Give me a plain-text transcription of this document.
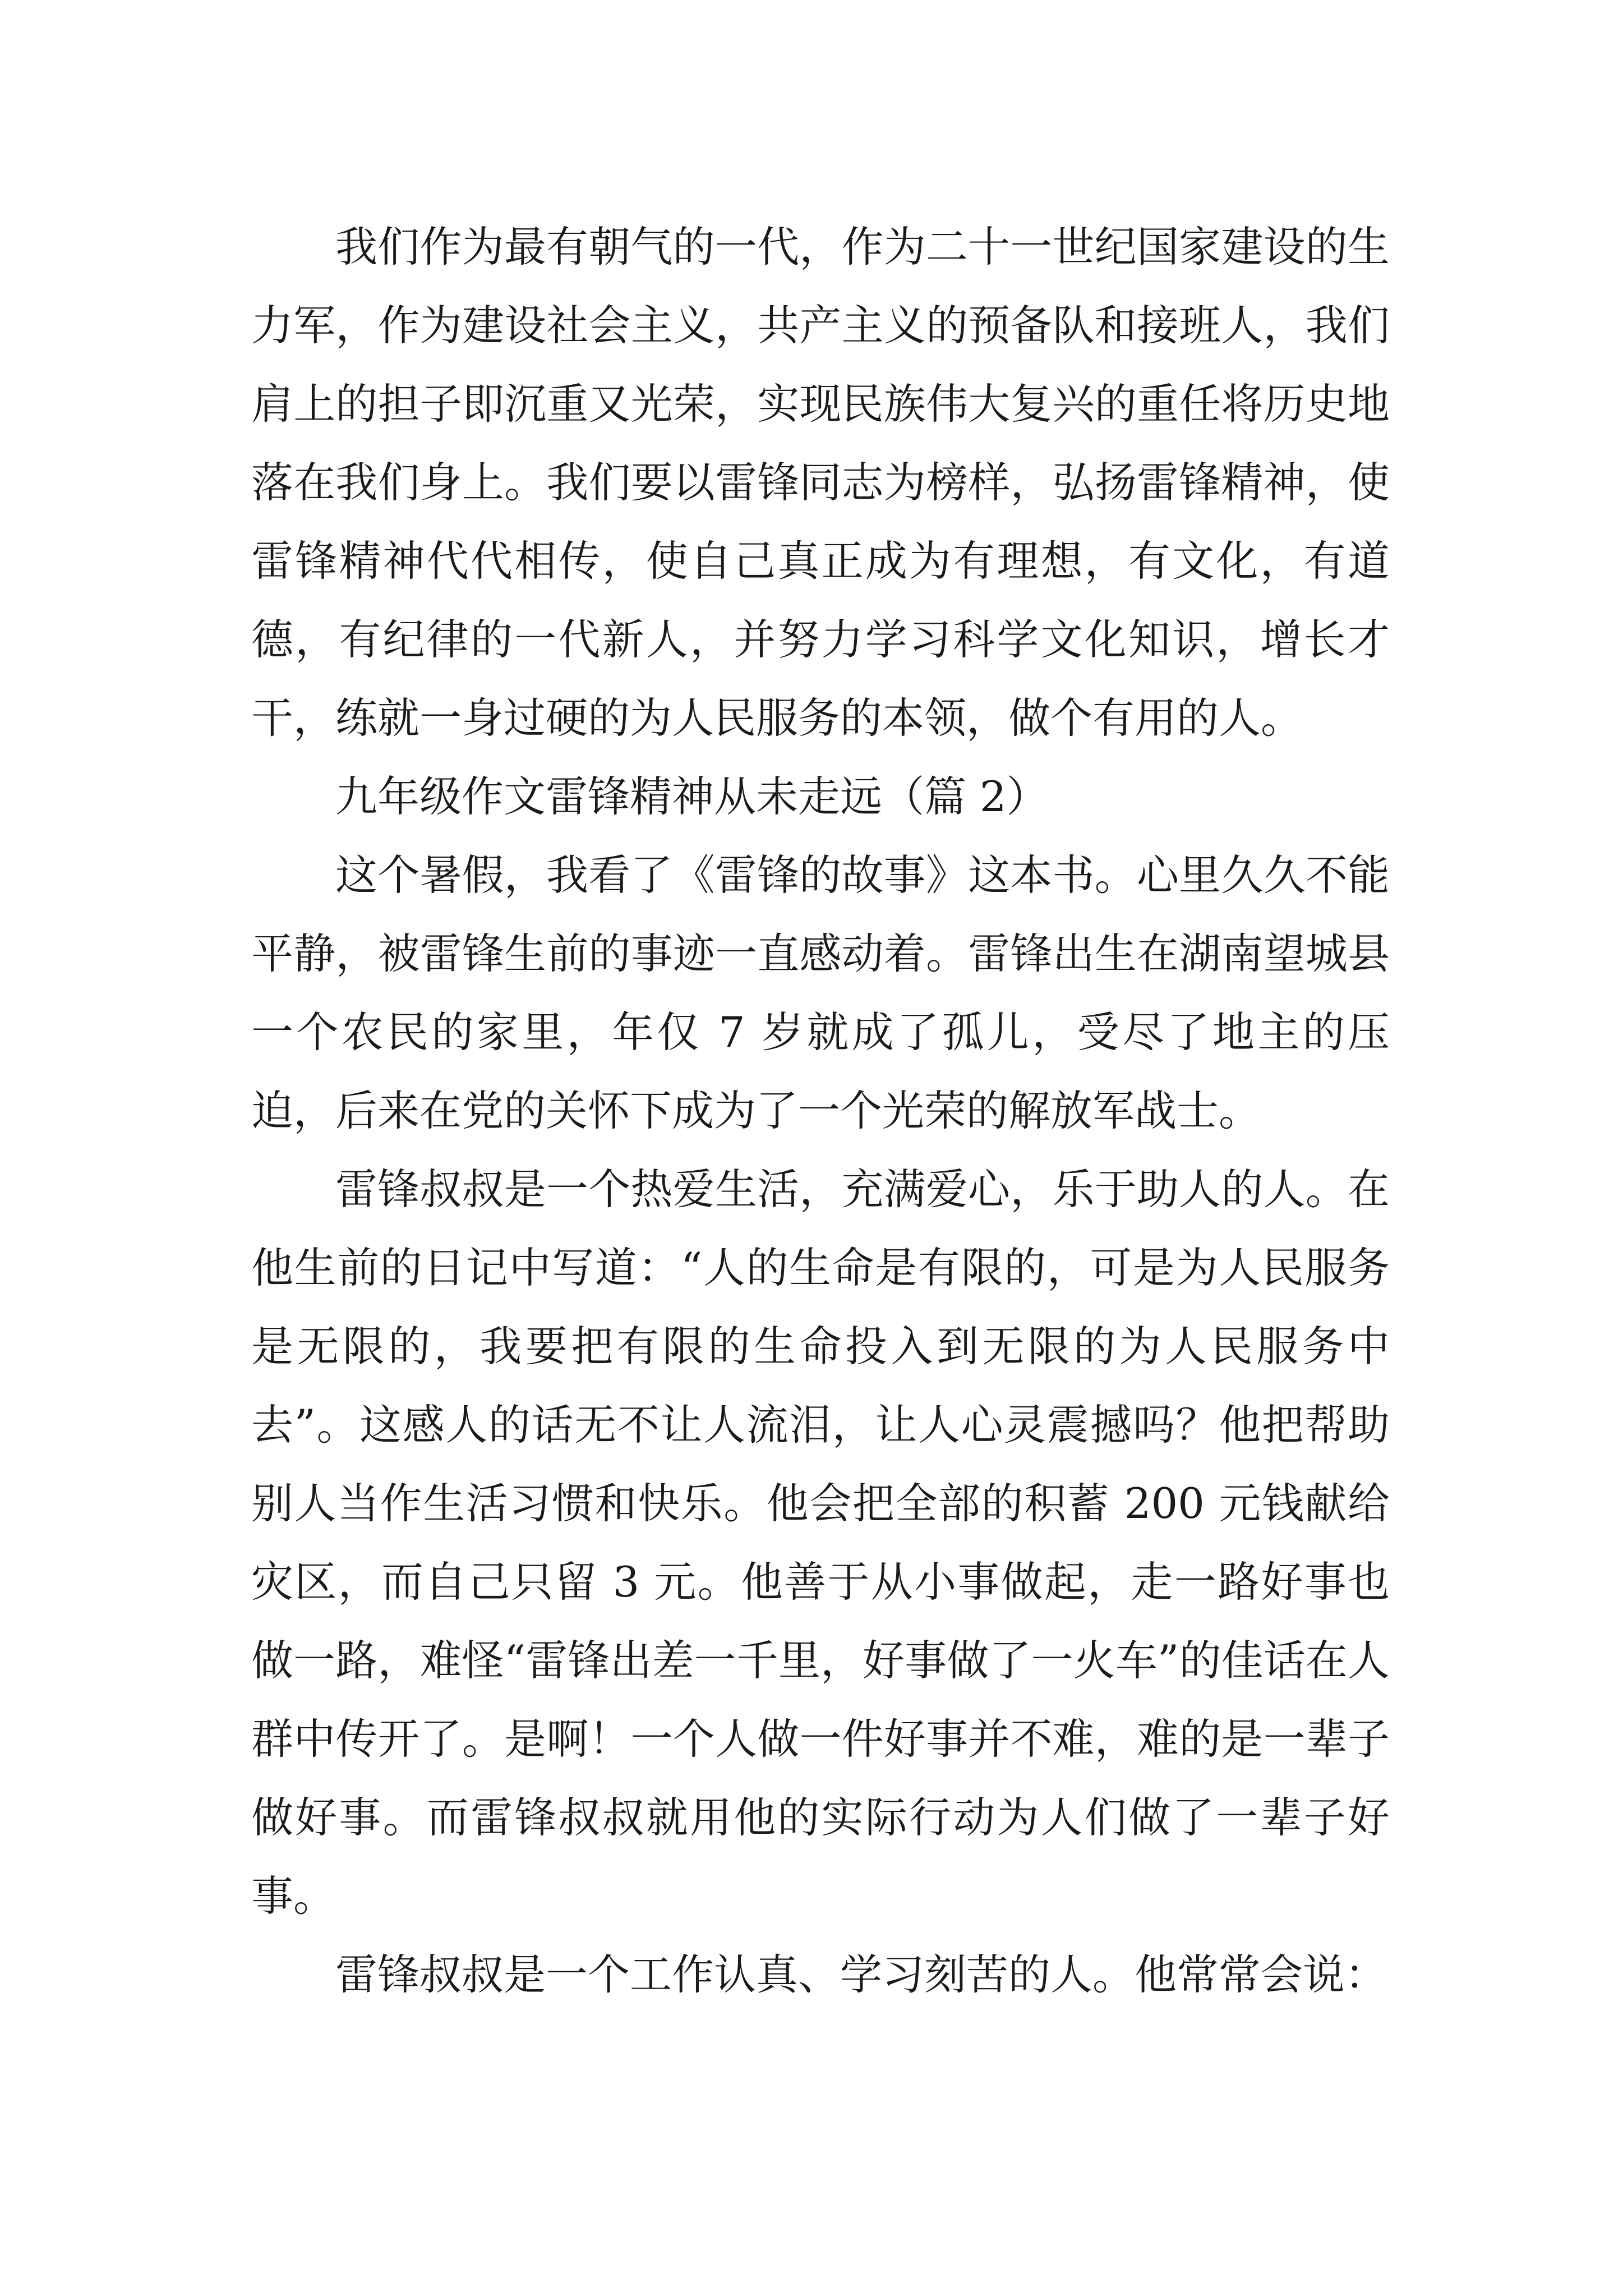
我们作为最有朝气的一代，作为二十一世纪国家建设的生力军，作为建设社会主义，共产主义的预备队和接班人，我们肩上的担子即沉重又光荣，实现民族伟大复兴的重任将历史地落在我们身上。我们要以雷锋同志为榜样，弘扬雷锋精神，使雷锋精神代代相传，使自己真正成为有理想，有文化，有道德，有纪律的一代新人，并努力学习科学文化知识，增长才干，练就一身过硬的为人民服务的本领，做个有用的人。

九年级作文雷锋精神从未走远（篇 2）

这个暑假，我看了《雷锋的故事》这本书。心里久久不能平静，被雷锋生前的事迹一直感动着。雷锋出生在湖南望城县一个农民的家里，年仅 7 岁就成了孤儿，受尽了地主的压迫，后来在党的关怀下成为了一个光荣的解放军战士。

雷锋叔叔是一个热爱生活，充满爱心，乐于助人的人。在他生前的日记中写道：“人的生命是有限的，可是为人民服务是无限的，我要把有限的生命投入到无限的为人民服务中去”。这感人的话无不让人流泪，让人心灵震撼吗？他把帮助别人当作生活习惯和快乐。他会把全部的积蓄 200 元钱献给灾区，而自己只留 3 元。他善于从小事做起，走一路好事也做一路，难怪“雷锋出差一千里，好事做了一火车”的佳话在人群中传开了。是啊！一个人做一件好事并不难，难的是一辈子做好事。而雷锋叔叔就用他的实际行动为人们做了一辈子好事。

雷锋叔叔是一个工作认真、学习刻苦的人。他常常会说：
